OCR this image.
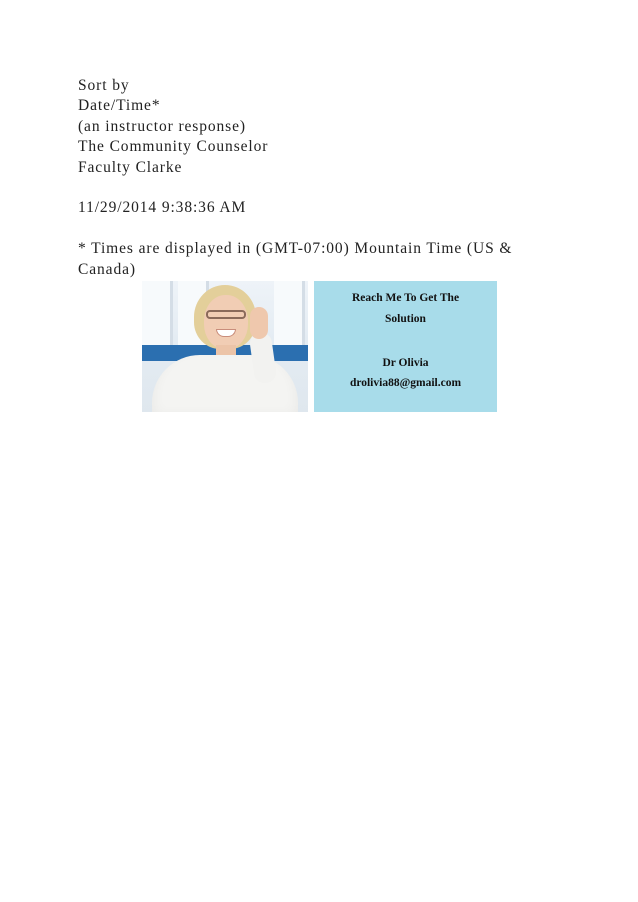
Sort by
Date/Time*
(an instructor response)
The Community Counselor
Faculty Clarke
11/29/2014 9:38:36 AM
* Times are displayed in (GMT-07:00) Mountain Time (US &
Canada)
Reach Me To Get The
Solution
Dr Olivia
drolivia88@gmail.com
